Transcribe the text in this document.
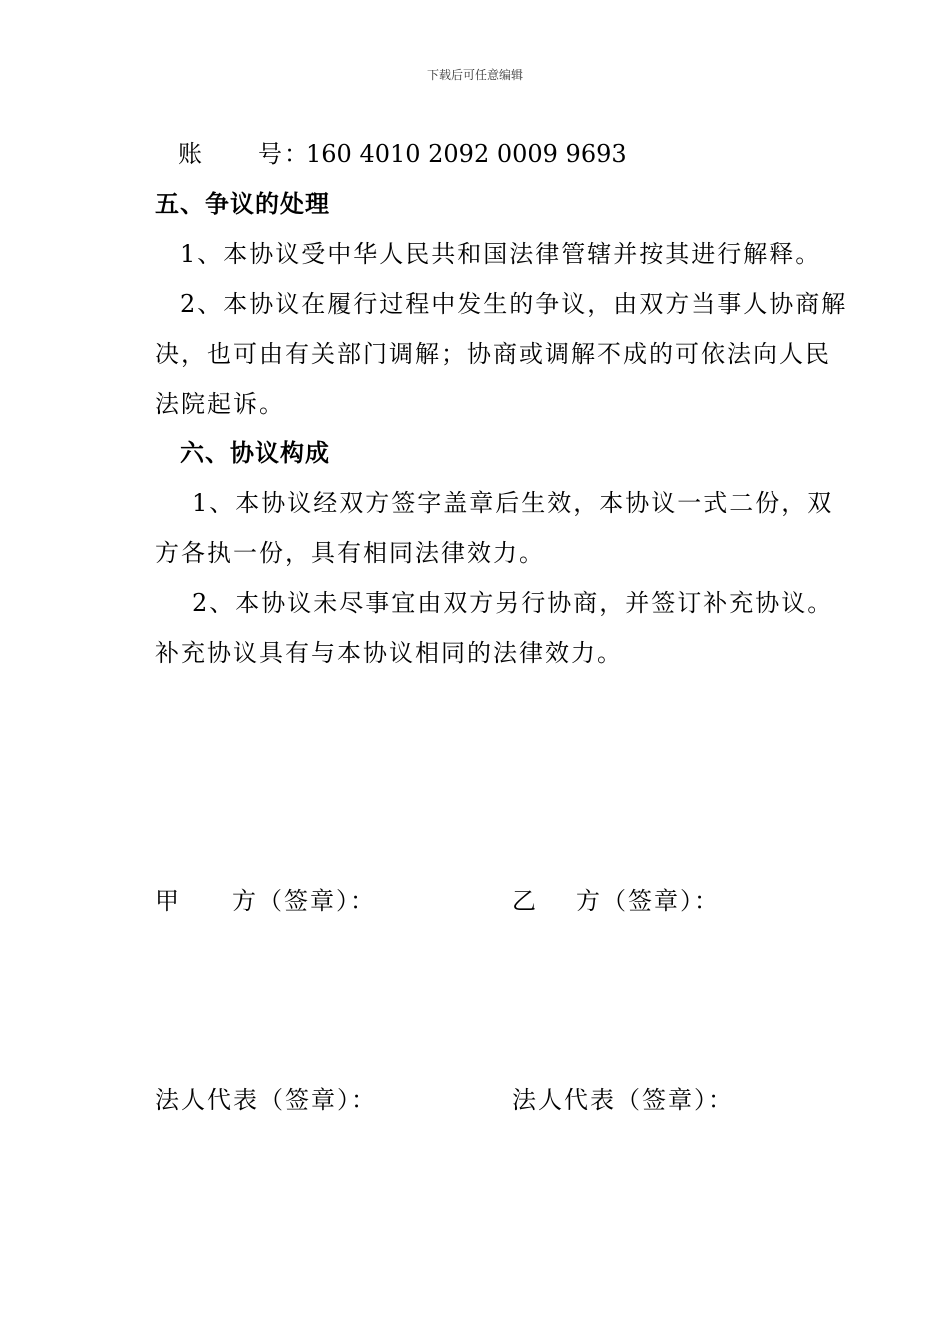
下载后可任意编辑
账 号：
160 4010 2092 0009 9693
五、争议的处理
1、本协议受中华人民共和国法律管辖并按其进行解释。
2、本协议在履行过程中发生的争议，由双方当事人协商解
决，也可由有关部门调解；协商或调解不成的可依法向人民
法院起诉。
六、协议构成
1、本协议经双方签字盖章后生效，本协议一式二份，双
方各执一份，具有相同法律效力。
2、本协议未尽事宜由双方另行协商，并签订补充协议。
补充协议具有与本协议相同的法律效力。
甲 方（签章）：	乙 方（签章）：
法人代表（签章）：	法人代表（签章）：
